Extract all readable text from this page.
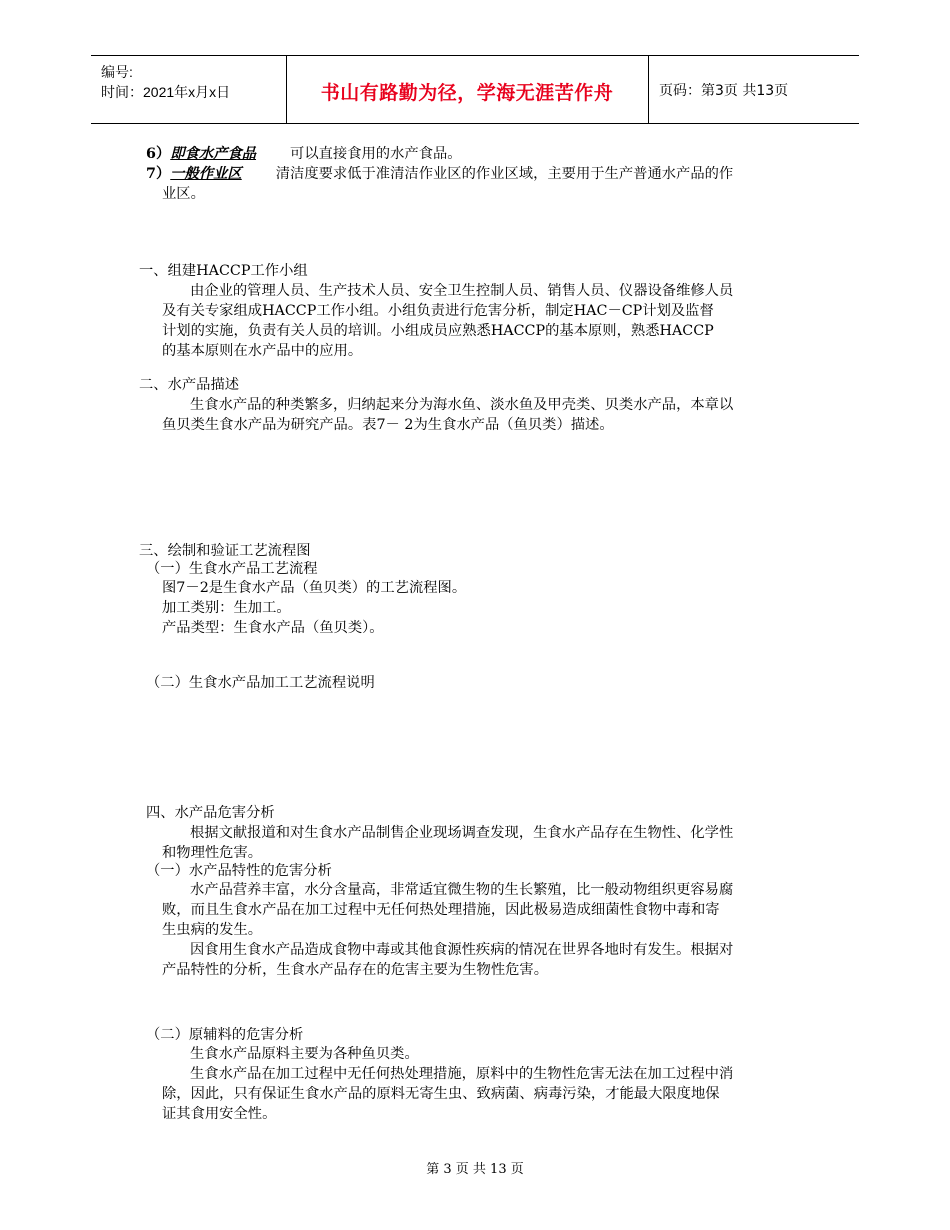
编号:
时间：2021年x月x日	书山有路勤为径，学海无涯苦作舟	页码：第3页 共13页
6）即食水产食品 可以直接食用的水产食品。
7）一般作业区 清洁度要求低于准清洁作业区的作业区域，主要用于生产普通水产品的作
业区。
一、组建HACCP工作小组
由企业的管理人员、生产技术人员、安全卫生控制人员、销售人员、仪器设备维修人员
及有关专家组成HACCP工作小组。小组负责进行危害分析，制定HAC－CP计划及监督
计划的实施，负责有关人员的培训。小组成员应熟悉HACCP的基本原则，熟悉HACCP
的基本原则在水产品中的应用。
二、水产品描述
生食水产品的种类繁多，归纳起来分为海水鱼、淡水鱼及甲壳类、贝类水产品，本章以
鱼贝类生食水产品为研究产品。表7－ 2为生食水产品（鱼贝类）描述。
三、绘制和验证工艺流程图
（一）生食水产品工艺流程
图7－2是生食水产品（鱼贝类）的工艺流程图。
加工类别：生加工。
产品类型：生食水产品（鱼贝类）。
（二）生食水产品加工工艺流程说明
四、水产品危害分析
根据文献报道和对生食水产品制售企业现场调查发现，生食水产品存在生物性、化学性
和物理性危害。
（一）水产品特性的危害分析
水产品营养丰富，水分含量高，非常适宜微生物的生长繁殖，比一般动物组织更容易腐
败，而且生食水产品在加工过程中无任何热处理措施，因此极易造成细菌性食物中毒和寄
生虫病的发生。
因食用生食水产品造成食物中毒或其他食源性疾病的情况在世界各地时有发生。根据对
产品特性的分析，生食水产品存在的危害主要为生物性危害。
（二）原辅料的危害分析
生食水产品原料主要为各种鱼贝类。
生食水产品在加工过程中无任何热处理措施，原料中的生物性危害无法在加工过程中消
除，因此，只有保证生食水产品的原料无寄生虫、致病菌、病毒污染，才能最大限度地保
证其食用安全性。
第 3 页 共 13 页
